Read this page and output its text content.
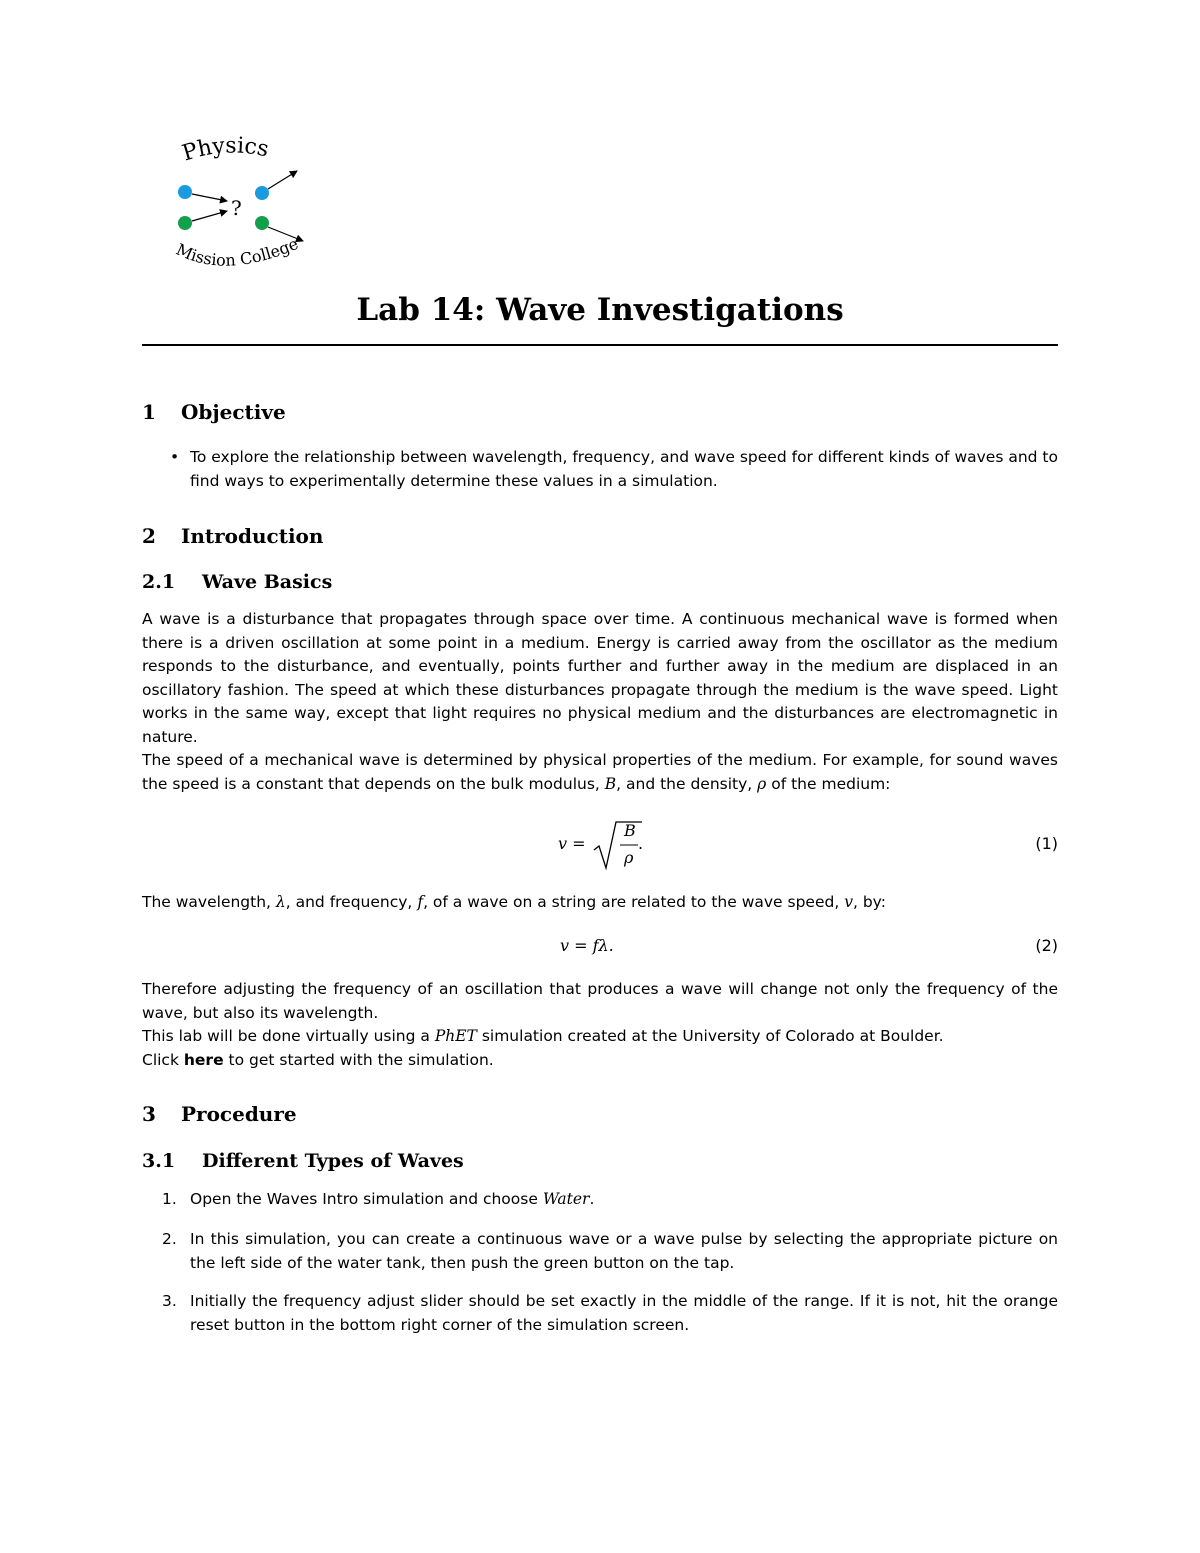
Physics
?
Mission College
Lab 14: Wave Investigations
1 Objective
• To explore the relationship between wavelength, frequency, and wave speed for different kinds of waves and to find ways to experimentally determine these values in a simulation.

2 Introduction
2.1 Wave Basics

A wave is a disturbance that propagates through space over time. A continuous mechanical wave is formed when there is a driven oscillation at some point in a medium. Energy is carried away from the oscillator as the medium responds to the disturbance, and eventually, points further and further away in the medium are displaced in an oscillatory fashion. The speed at which these disturbances propagate through the medium is the wave speed. Light works in the same way, except that light requires no physical medium and the disturbances are electromagnetic in nature.

The speed of a mechanical wave is determined by physical properties of the medium. For example, for sound waves the speed is a constant that depends on the bulk modulus, B, and the density, ρ of the medium:

v =
B
ρ
.	(1)

The wavelength, λ, and frequency, f, of a wave on a string are related to the wave speed, v, by:

v = fλ.	(2)

Therefore adjusting the frequency of an oscillation that produces a wave will change not only the frequency of the wave, but also its wavelength.

This lab will be done virtually using a PhET simulation created at the University of Colorado at Boulder.

Click here to get started with the simulation.

3 Procedure
3.1 Different Types of Waves
1. Open the Waves Intro simulation and choose Water.

2. In this simulation, you can create a continuous wave or a wave pulse by selecting the appropriate picture on the left side of the water tank, then push the green button on the tap.

3. Initially the frequency adjust slider should be set exactly in the middle of the range. If it is not, hit the orange reset button in the bottom right corner of the simulation screen.
